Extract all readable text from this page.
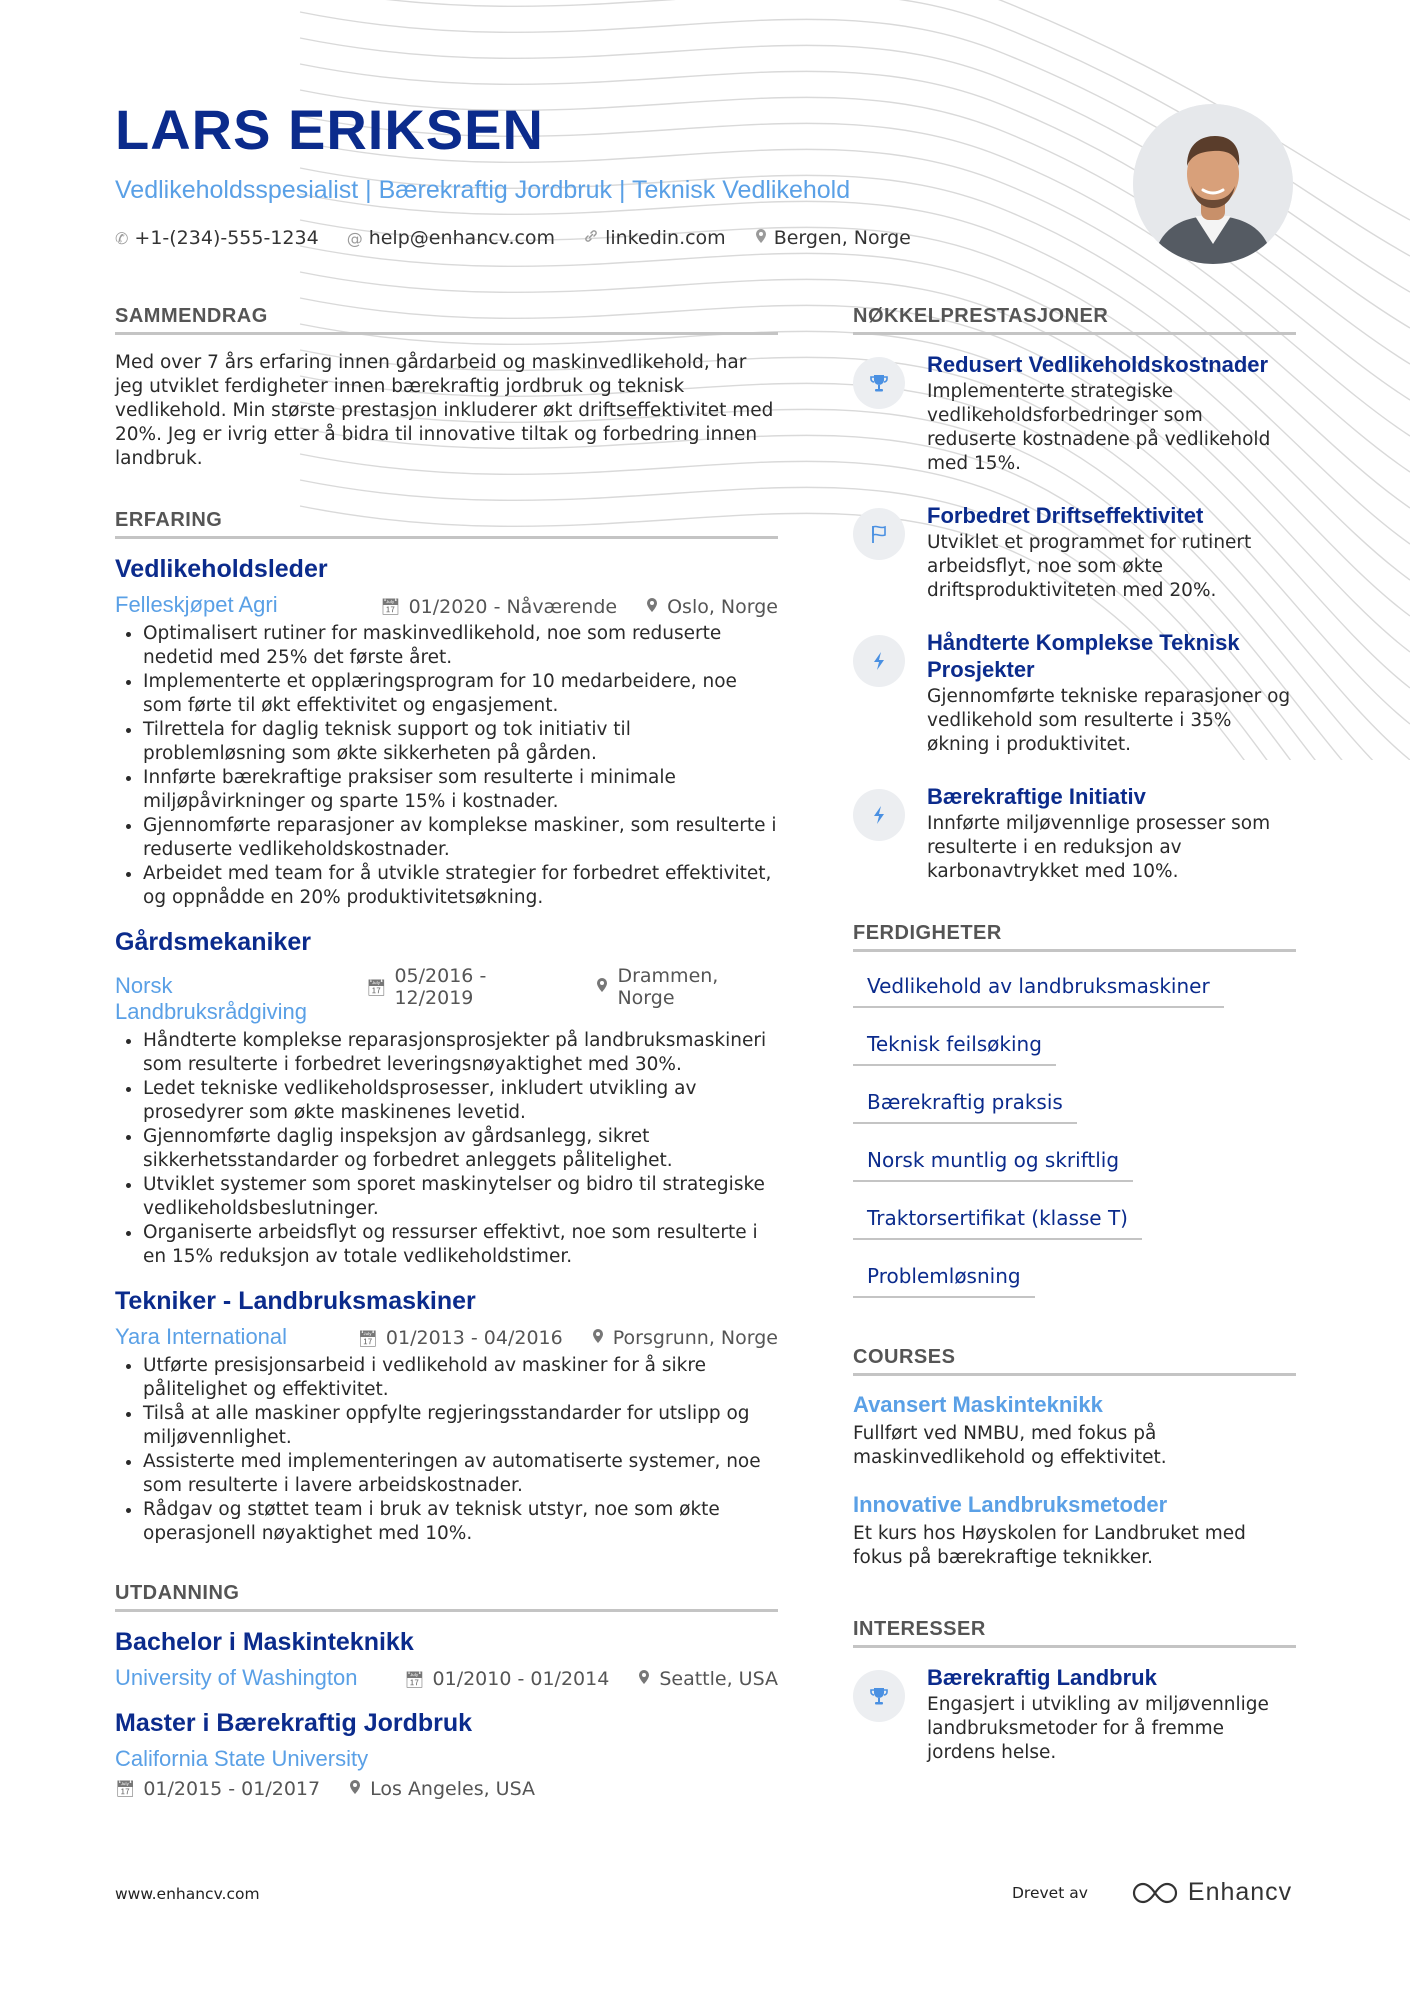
LARS ERIKSEN
Vedlikeholdsspesialist | Bærekraftig Jordbruk | Teknisk Vedlikehold
✆ +1-(234)-555-1234 @ help@enhancv.com	linkedin.com	Bergen, Norge
SAMMENDRAG

Med over 7 års erfaring innen gårdarbeid og maskinvedlikehold, har jeg utviklet ferdigheter innen bærekraftig jordbruk og teknisk vedlikehold. Min største prestasjon inkluderer økt driftseffektivitet med 20%. Jeg er ivrig etter å bidra til innovative tiltak og forbedring innen landbruk.

ERFARING
Vedlikeholdsleder
Felleskjøpet Agri	📅︎ 01/2020 - Nåværende	Oslo, Norge
• Optimalisert rutiner for maskinvedlikehold, noe som reduserte nedetid med 25% det første året.
• Implementerte et opplæringsprogram for 10 medarbeidere, noe som førte til økt effektivitet og engasjement.
• Tilrettela for daglig teknisk support og tok initiativ til problemløsning som økte sikkerheten på gården.
• Innførte bærekraftige praksiser som resulterte i minimale miljøpåvirkninger og sparte 15% i kostnader.
• Gjennomførte reparasjoner av komplekse maskiner, som resulterte i reduserte vedlikeholdskostnader.
• Arbeidet med team for å utvikle strategier for forbedret effektivitet, og oppnådde en 20% produktivitetsøkning.
Gårdsmekaniker
Norsk Landbruksrådgiving
📅︎ 05/2016 - 12/2019
Drammen, Norge
• Håndterte komplekse reparasjonsprosjekter på landbruksmaskineri som resulterte i forbedret leveringsnøyaktighet med 30%.
• Ledet tekniske vedlikeholdsprosesser, inkludert utvikling av prosedyrer som økte maskinenes levetid.
• Gjennomførte daglig inspeksjon av gårdsanlegg, sikret sikkerhetsstandarder og forbedret anleggets pålitelighet.
• Utviklet systemer som sporet maskinytelser og bidro til strategiske vedlikeholdsbeslutninger.
• Organiserte arbeidsflyt og ressurser effektivt, noe som resulterte i en 15% reduksjon av totale vedlikeholdstimer.
Tekniker - Landbruksmaskiner
Yara International	📅︎ 01/2013 - 04/2016	Porsgrunn, Norge
• Utførte presisjonsarbeid i vedlikehold av maskiner for å sikre pålitelighet og effektivitet.
• Tilså at alle maskiner oppfylte regjeringsstandarder for utslipp og miljøvennlighet.
• Assisterte med implementeringen av automatiserte systemer, noe som resulterte i lavere arbeidskostnader.
• Rådgav og støttet team i bruk av teknisk utstyr, noe som økte operasjonell nøyaktighet med 10%.
UTDANNING
Bachelor i Maskinteknikk
University of Washington	📅︎ 01/2010 - 01/2014	Seattle, USA
Master i Bærekraftig Jordbruk
California State University
📅︎ 01/2015 - 01/2017	Los Angeles, USA
NØKKELPRESTASJONER
Redusert Vedlikeholdskostnader

Implementerte strategiske vedlikeholdsforbedringer som reduserte kostnadene på vedlikehold med 15%.

Forbedret Driftseffektivitet

Utviklet et programmet for rutinert arbeidsflyt, noe som økte driftsproduktiviteten med 20%.

Håndterte Komplekse Teknisk Prosjekter

Gjennomførte tekniske reparasjoner og vedlikehold som resulterte i 35% økning i produktivitet.

Bærekraftige Initiativ

Innførte miljøvennlige prosesser som resulterte i en reduksjon av karbonavtrykket med 10%.

FERDIGHETER
Vedlikehold av landbruksmaskiner
Teknisk feilsøking
Bærekraftig praksis
Norsk muntlig og skriftlig
Traktorsertifikat (klasse T)
Problemløsning
COURSES
Avansert Maskinteknikk

Fullført ved NMBU, med fokus på maskinvedlikehold og effektivitet.

Innovative Landbruksmetoder

Et kurs hos Høyskolen for Landbruket med fokus på bærekraftige teknikker.

INTERESSER
Bærekraftig Landbruk

Engasjert i utvikling av miljøvennlige landbruksmetoder for å fremme jordens helse.

www.enhancv.com	Drevet av	Enhancv
